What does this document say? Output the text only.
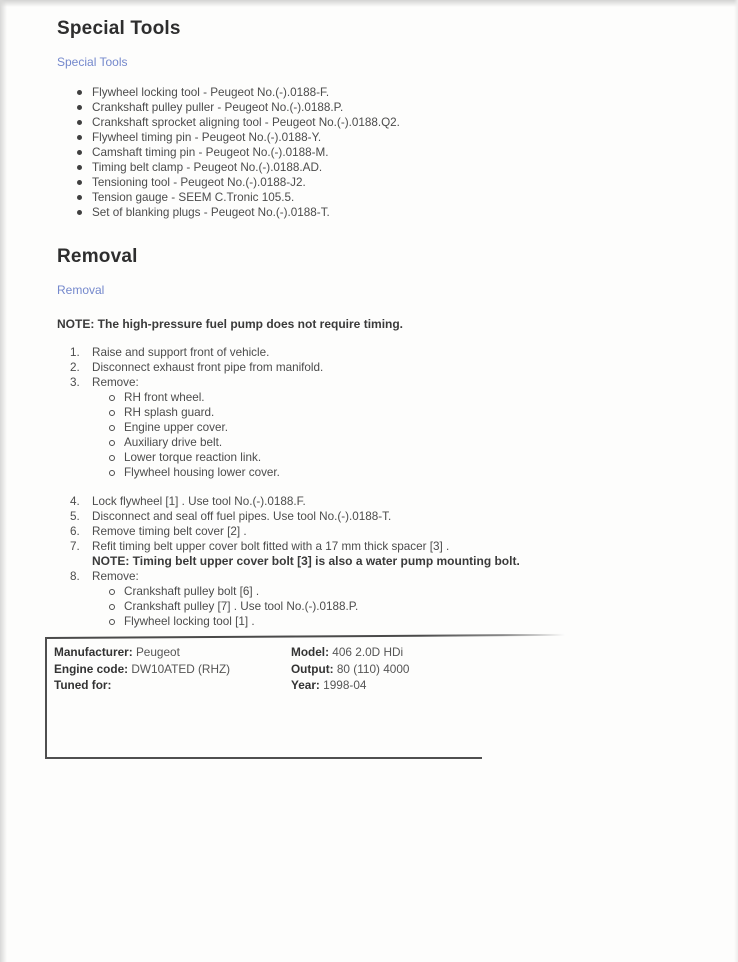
Special Tools
Special Tools
Flywheel locking tool - Peugeot No.(-).0188-F.
Crankshaft pulley puller - Peugeot No.(-).0188.P.
Crankshaft sprocket aligning tool - Peugeot No.(-).0188.Q2.
Flywheel timing pin - Peugeot No.(-).0188-Y.
Camshaft timing pin - Peugeot No.(-).0188-M.
Timing belt clamp - Peugeot No.(-).0188.AD.
Tensioning tool - Peugeot No.(-).0188-J2.
Tension gauge - SEEM C.Tronic 105.5.
Set of blanking plugs - Peugeot No.(-).0188-T.
Removal
Removal
NOTE: The high-pressure fuel pump does not require timing.
1.	Raise and support front of vehicle.
2.	Disconnect exhaust front pipe from manifold.
3.	Remove:
RH front wheel.
RH splash guard.
Engine upper cover.
Auxiliary drive belt.
Lower torque reaction link.
Flywheel housing lower cover.
4.	Lock flywheel [1] . Use tool No.(-).0188.F.
5.	Disconnect and seal off fuel pipes. Use tool No.(-).0188-T.
6.	Remove timing belt cover [2] .
7.	Refit timing belt upper cover bolt fitted with a 17 mm thick spacer [3] .
NOTE: Timing belt upper cover bolt [3] is also a water pump mounting bolt.
8.	Remove:
Crankshaft pulley bolt [6] .
Crankshaft pulley [7] . Use tool No.(-).0188.P.
Flywheel locking tool [1] .
Manufacturer: Peugeot	Model: 406 2.0D HDi
Engine code: DW10ATED (RHZ)	Output: 80 (110) 4000
Tuned for:	Year: 1998-04
